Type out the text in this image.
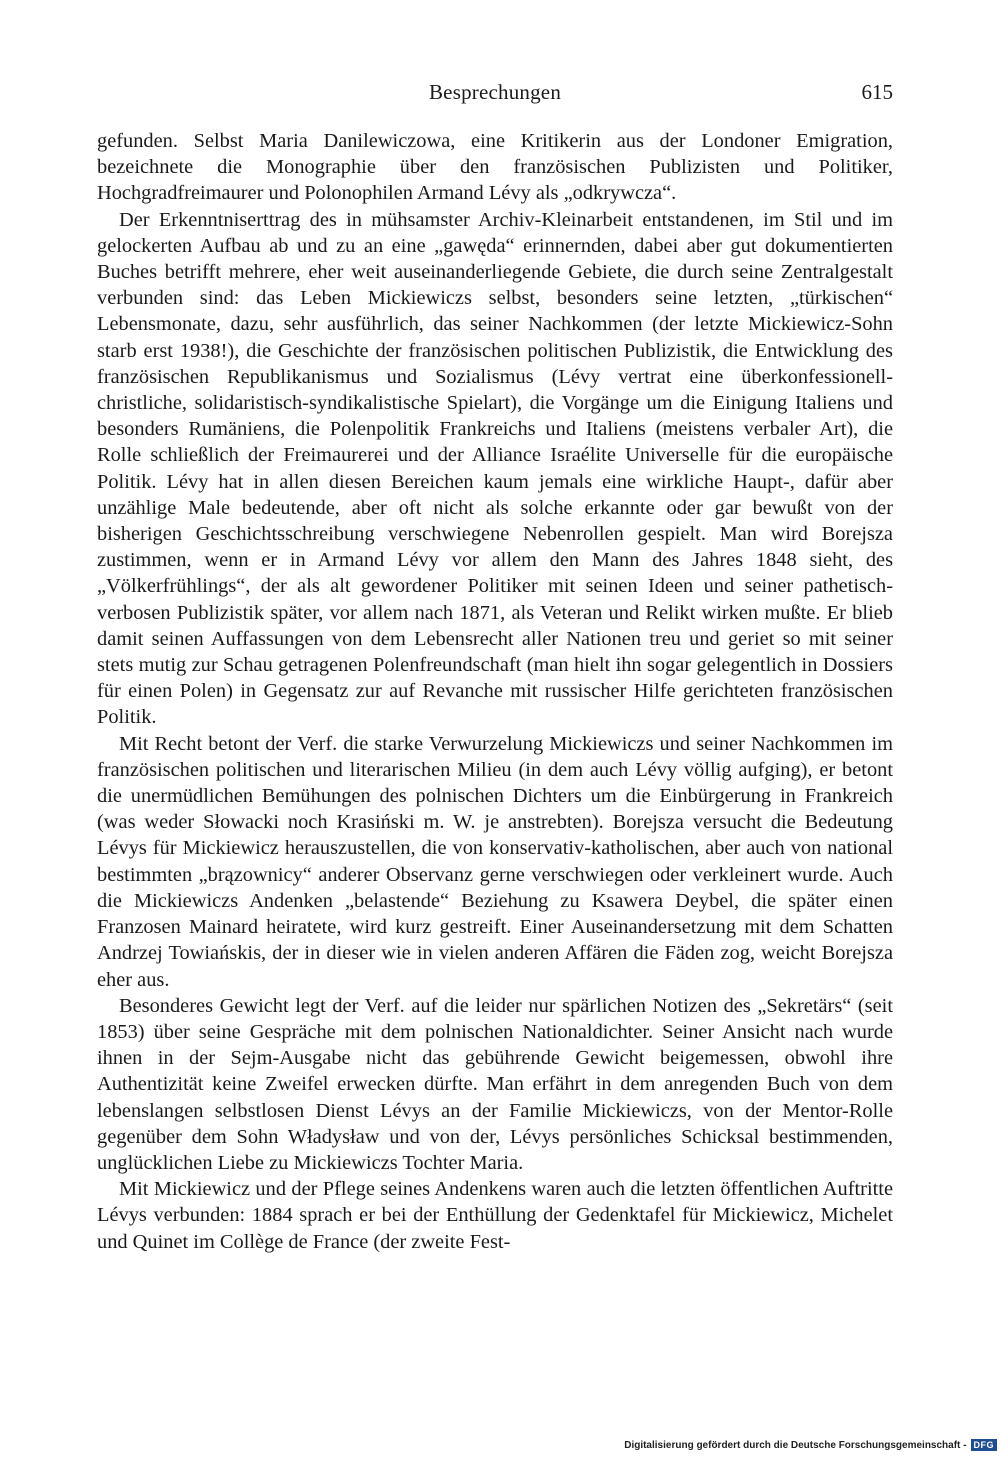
Besprechungen	615

gefunden. Selbst Maria Danilewiczowa, eine Kritikerin aus der Londoner Emigration, bezeichnete die Monographie über den französischen Publizisten und Politiker, Hochgradfreimaurer und Polonophilen Armand Lévy als „odkrywcza“.

Der Erkenntniserttrag des in mühsamster Archiv-Kleinarbeit entstandenen, im Stil und im gelockerten Aufbau ab und zu an eine „gawęda“ erinnernden, dabei aber gut dokumentierten Buches betrifft mehrere, eher weit auseinanderliegende Gebiete, die durch seine Zentralgestalt verbunden sind: das Leben Mickiewiczs selbst, besonders seine letzten, „türkischen“ Lebensmonate, dazu, sehr ausführlich, das seiner Nachkommen (der letzte Mickiewicz-Sohn starb erst 1938!), die Geschichte der französischen politischen Publizistik, die Entwicklung des französischen Republikanismus und Sozialismus (Lévy vertrat eine überkonfessionell-christliche, solidaristisch-syndikalistische Spielart), die Vorgänge um die Einigung Italiens und besonders Rumäniens, die Polenpolitik Frankreichs und Italiens (meistens verbaler Art), die Rolle schließlich der Freimaurerei und der Alliance Israélite Universelle für die europäische Politik. Lévy hat in allen diesen Bereichen kaum jemals eine wirkliche Haupt-, dafür aber unzählige Male bedeutende, aber oft nicht als solche erkannte oder gar bewußt von der bisherigen Geschichtsschreibung verschwiegene Nebenrollen gespielt. Man wird Borejsza zustimmen, wenn er in Armand Lévy vor allem den Mann des Jahres 1848 sieht, des „Völkerfrühlings“, der als alt gewordener Politiker mit seinen Ideen und seiner pathetisch-verbosen Publizistik später, vor allem nach 1871, als Veteran und Relikt wirken mußte. Er blieb damit seinen Auffassungen von dem Lebensrecht aller Nationen treu und geriet so mit seiner stets mutig zur Schau getragenen Polenfreundschaft (man hielt ihn sogar gelegentlich in Dossiers für einen Polen) in Gegensatz zur auf Revanche mit russischer Hilfe gerichteten französischen Politik.

Mit Recht betont der Verf. die starke Verwurzelung Mickiewiczs und seiner Nachkommen im französischen politischen und literarischen Milieu (in dem auch Lévy völlig aufging), er betont die unermüdlichen Bemühungen des polnischen Dichters um die Einbürgerung in Frankreich (was weder Słowacki noch Krasiński m. W. je anstrebten). Borejsza versucht die Bedeutung Lévys für Mickiewicz herauszustellen, die von konservativ-katholischen, aber auch von national bestimmten „brązownicy“ anderer Observanz gerne verschwiegen oder verkleinert wurde. Auch die Mickiewiczs Andenken „belastende“ Beziehung zu Ksawera Deybel, die später einen Franzosen Mainard heiratete, wird kurz gestreift. Einer Auseinandersetzung mit dem Schatten Andrzej Towiańskis, der in dieser wie in vielen anderen Affären die Fäden zog, weicht Borejsza eher aus.

Besonderes Gewicht legt der Verf. auf die leider nur spärlichen Notizen des „Sekretärs“ (seit 1853) über seine Gespräche mit dem polnischen Nationaldichter. Seiner Ansicht nach wurde ihnen in der Sejm-Ausgabe nicht das gebührende Gewicht beigemessen, obwohl ihre Authentizität keine Zweifel erwecken dürfte. Man erfährt in dem anregenden Buch von dem lebenslangen selbstlosen Dienst Lévys an der Familie Mickiewiczs, von der Mentor-Rolle gegenüber dem Sohn Władysław und von der, Lévys persönliches Schicksal bestimmenden, unglücklichen Liebe zu Mickiewiczs Tochter Maria.

Mit Mickiewicz und der Pflege seines Andenkens waren auch die letzten öffentlichen Auftritte Lévys verbunden: 1884 sprach er bei der Enthüllung der Gedenktafel für Mickiewicz, Michelet und Quinet im Collège de France (der zweite Fest-

Digitalisierung gefördert durch die Deutsche Forschungsgemeinschaft - DFG
